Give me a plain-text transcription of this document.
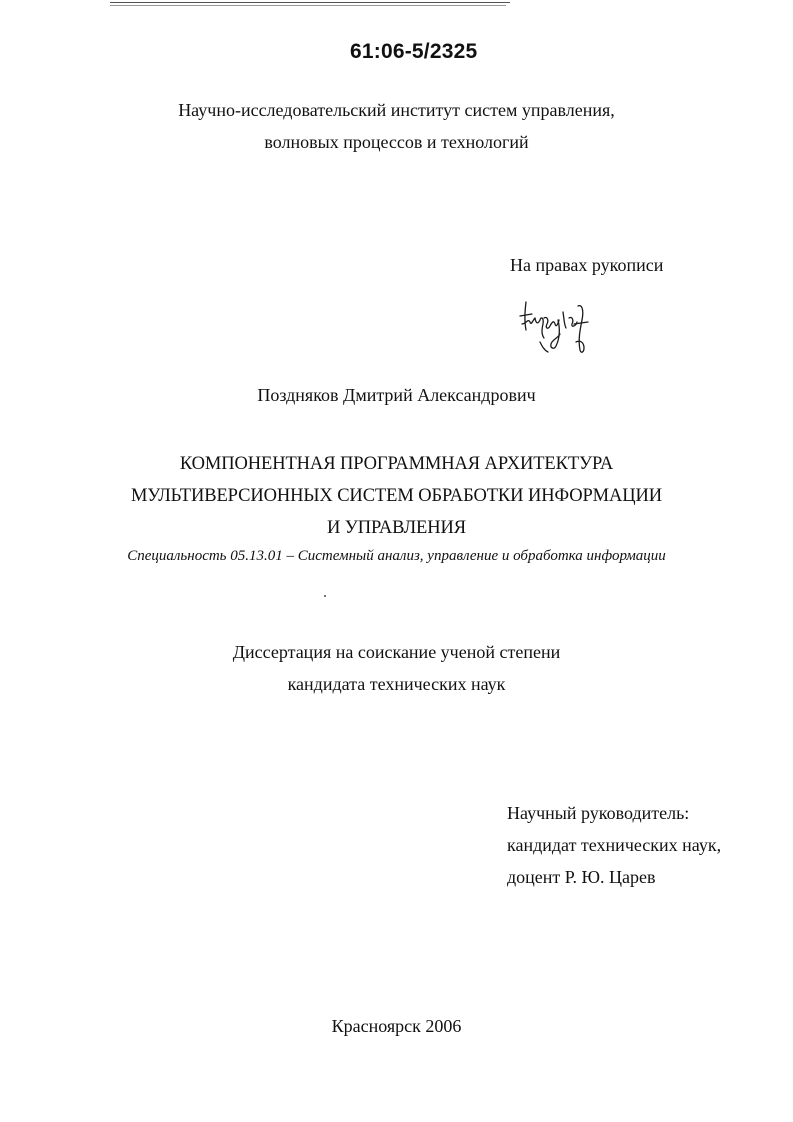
61:06-5/2325
Научно-исследовательский институт систем управления,
волновых процессов и технологий
На правах рукописи
Поздняков Дмитрий Александрович
КОМПОНЕНТНАЯ ПРОГРАММНАЯ АРХИТЕКТУРА
МУЛЬТИВЕРСИОННЫХ СИСТЕМ ОБРАБОТКИ ИНФОРМАЦИИ
И УПРАВЛЕНИЯ
Специальность 05.13.01 – Системный анализ, управление и обработка информации
Диссертация на соискание ученой степени
кандидата технических наук
Научный руководитель:
кандидат технических наук,
доцент Р. Ю. Царев
Красноярск 2006
